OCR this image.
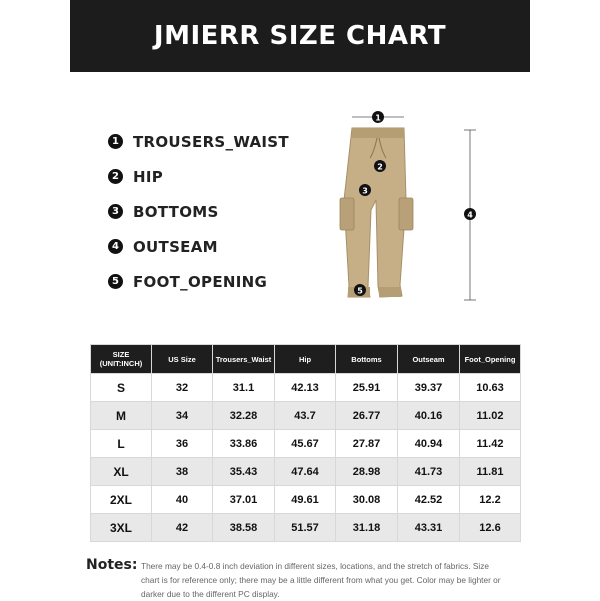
JMIERR SIZE CHART
1 TROUSERS_WAIST
2 HIP
3 BOTTOMS
4 OUTSEAM
5 FOOT_OPENING
1
2
3
4
5
SIZE
(UNIT:INCH)	US Size	Trousers_Waist	Hip	Bottoms	Outseam	Foot_Opening
S	32	31.1	42.13	25.91	39.37	10.63
M	34	32.28	43.7	26.77	40.16	11.02
L	36	33.86	45.67	27.87	40.94	11.42
XL	38	35.43	47.64	28.98	41.73	11.81
2XL	40	37.01	49.61	30.08	42.52	12.2
3XL	42	38.58	51.57	31.18	43.31	12.6
Notes: There may be 0.4-0.8 inch deviation in different sizes, locations, and the stretch of fabrics. Size chart is for reference only; there may be a little different from what you get. Color may be lighter or darker due to the different PC display.
